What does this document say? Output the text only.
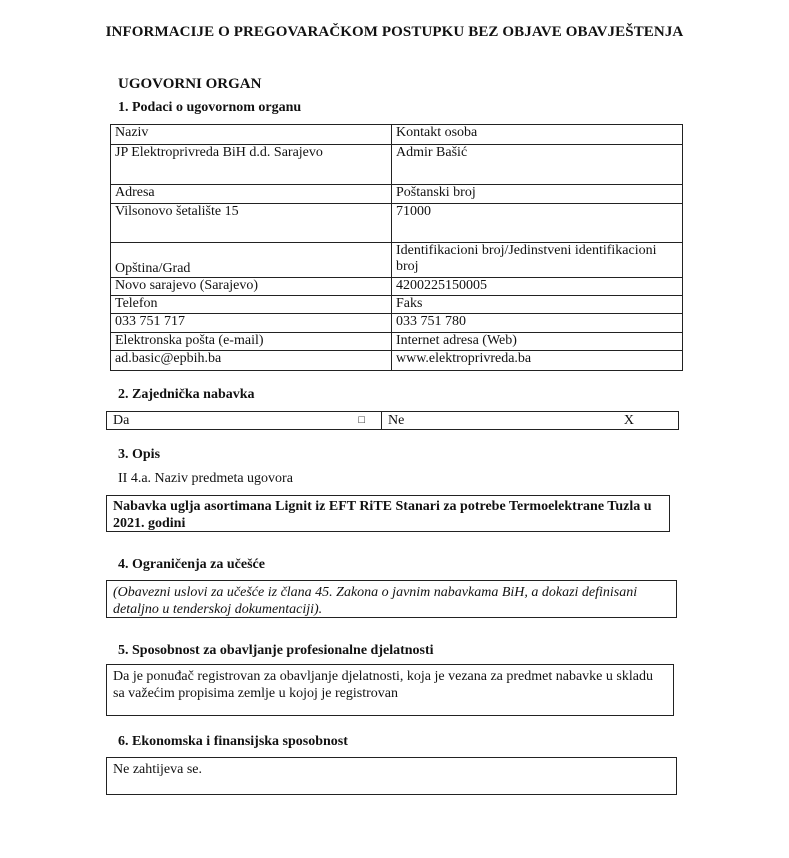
INFORMACIJE O PREGOVARAČKOM POSTUPKU BEZ OBJAVE OBAVJEŠTENJA
UGOVORNI ORGAN
1. Podaci o ugovornom organu
Naziv	Kontakt osoba
JP Elektroprivreda BiH d.d. Sarajevo	Admir Bašić
Adresa	Poštanski broj
Vilsonovo šetalište 15	71000
Opština/Grad	Identifikacioni broj/Jedinstveni identifikacioni broj
Novo sarajevo (Sarajevo)	4200225150005
Telefon	Faks
033 751 717	033 751 780
Elektronska pošta (e-mail)	Internet adresa (Web)
ad.basic@epbih.ba	www.elektroprivreda.ba
2. Zajednička nabavka
Da	□	Ne	X
3. Opis
II 4.a. Naziv predmeta ugovora
Nabavka uglja asortimana Lignit iz EFT RiTE Stanari za potrebe Termoelektrane Tuzla u 2021. godini
4. Ograničenja za učešće
(Obavezni uslovi za učešće iz člana 45. Zakona o javnim nabavkama BiH, a dokazi definisani detaljno u tenderskoj dokumentaciji).
5. Sposobnost za obavljanje profesionalne djelatnosti
Da je ponuđač registrovan za obavljanje djelatnosti, koja je vezana za predmet nabavke u skladu sa važećim propisima zemlje u kojoj je registrovan
6. Ekonomska i finansijska sposobnost
Ne zahtijeva se.
